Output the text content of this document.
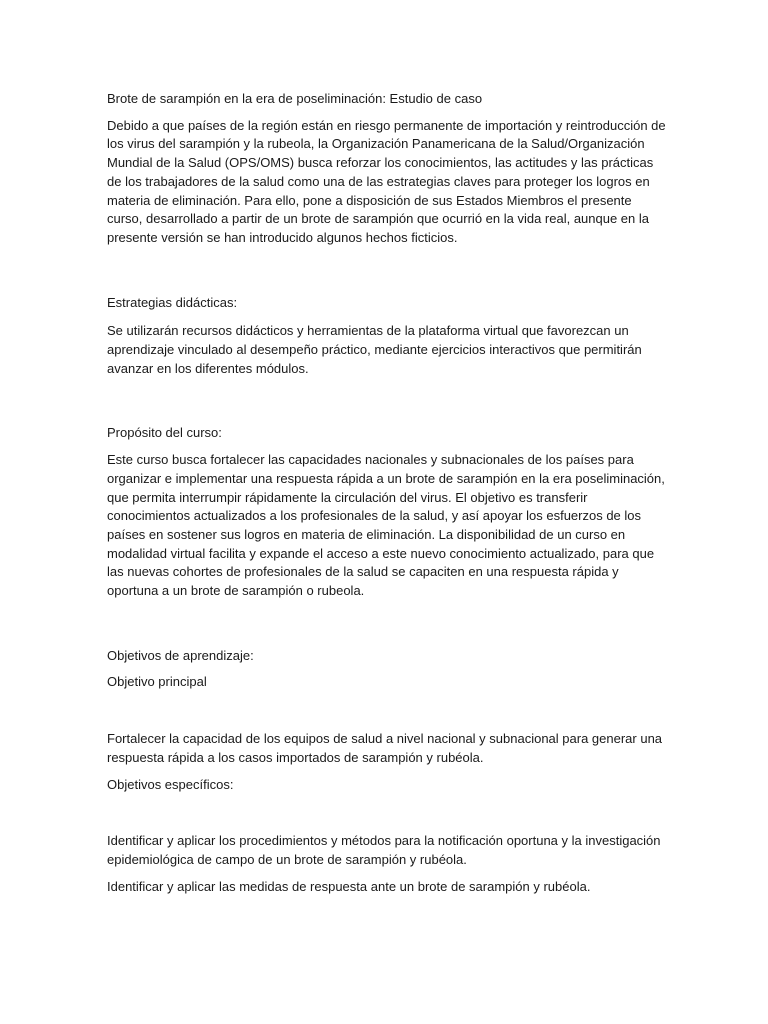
Brote de sarampión en la era de poseliminación: Estudio de caso

Debido a que países de la región están en riesgo permanente de importación y reintroducción de los virus del sarampión y la rubeola, la Organización Panamericana de la Salud/Organización Mundial de la Salud (OPS/OMS) busca reforzar los conocimientos, las actitudes y las prácticas de los trabajadores de la salud como una de las estrategias claves para proteger los logros en materia de eliminación. Para ello, pone a disposición de sus Estados Miembros el presente curso, desarrollado a partir de un brote de sarampión que ocurrió en la vida real, aunque en la presente versión se han introducido algunos hechos ficticios.

Estrategias didácticas:

Se utilizarán recursos didácticos y herramientas de la plataforma virtual que favorezcan un aprendizaje vinculado al desempeño práctico, mediante ejercicios interactivos que permitirán avanzar en los diferentes módulos.

Propósito del curso:

Este curso busca fortalecer las capacidades nacionales y subnacionales de los países para organizar e implementar una respuesta rápida a un brote de sarampión en la era poseliminación, que permita interrumpir rápidamente la circulación del virus. El objetivo es transferir conocimientos actualizados a los profesionales de la salud, y así apoyar los esfuerzos de los países en sostener sus logros en materia de eliminación. La disponibilidad de un curso en modalidad virtual facilita y expande el acceso a este nuevo conocimiento actualizado, para que las nuevas cohortes de profesionales de la salud se capaciten en una respuesta rápida y oportuna a un brote de sarampión o rubeola.

Objetivos de aprendizaje:

Objetivo principal

Fortalecer la capacidad de los equipos de salud a nivel nacional y subnacional para generar una respuesta rápida a los casos importados de sarampión y rubéola.

Objetivos específicos:

Identificar y aplicar los procedimientos y métodos para la notificación oportuna y la investigación epidemiológica de campo de un brote de sarampión y rubéola.

Identificar y aplicar las medidas de respuesta ante un brote de sarampión y rubéola.
